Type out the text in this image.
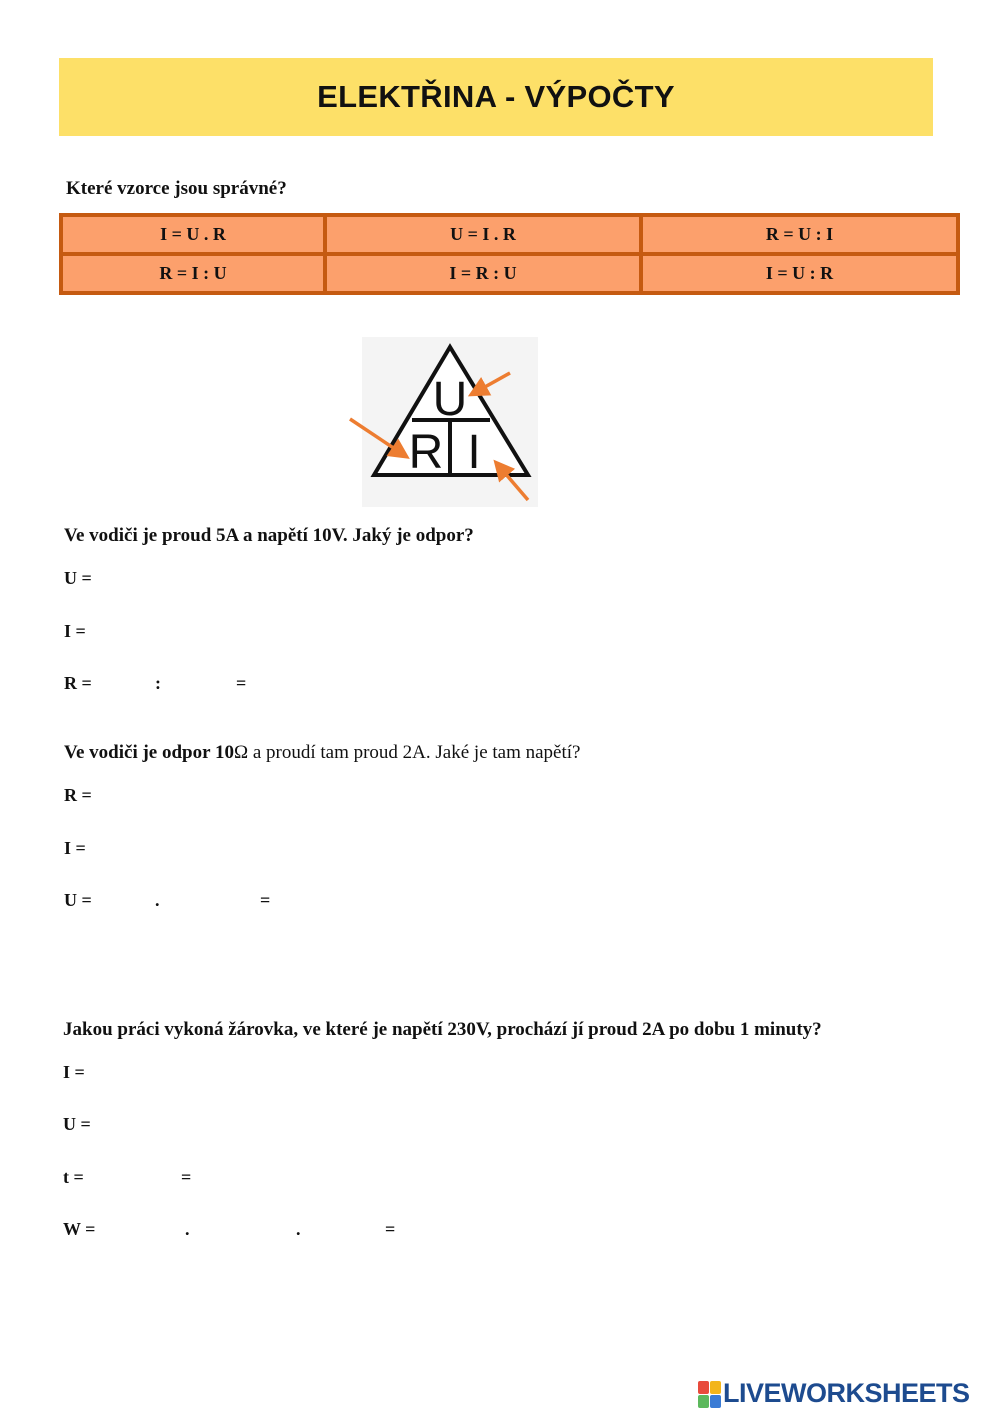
ELEKTŘINA - VÝPOČTY
Které vzorce jsou správné?
I = U . R	U = I . R	R = U : I
R = I : U	I = R : U	I = U : R
U
R I
Ve vodiči je proud 5A a napětí 10V. Jaký je odpor?
U =
I =
R =	:	=
Ve vodiči je odpor 10Ω a proudí tam proud 2A. Jaké je tam napětí?
R =
I =
U =	.	=
Jakou práci vykoná žárovka, ve které je napětí 230V, prochází jí proud 2A po dobu 1 minuty?
I =
U =
t =	=
W =	.	.	=
LIVEWORKSHEETS
